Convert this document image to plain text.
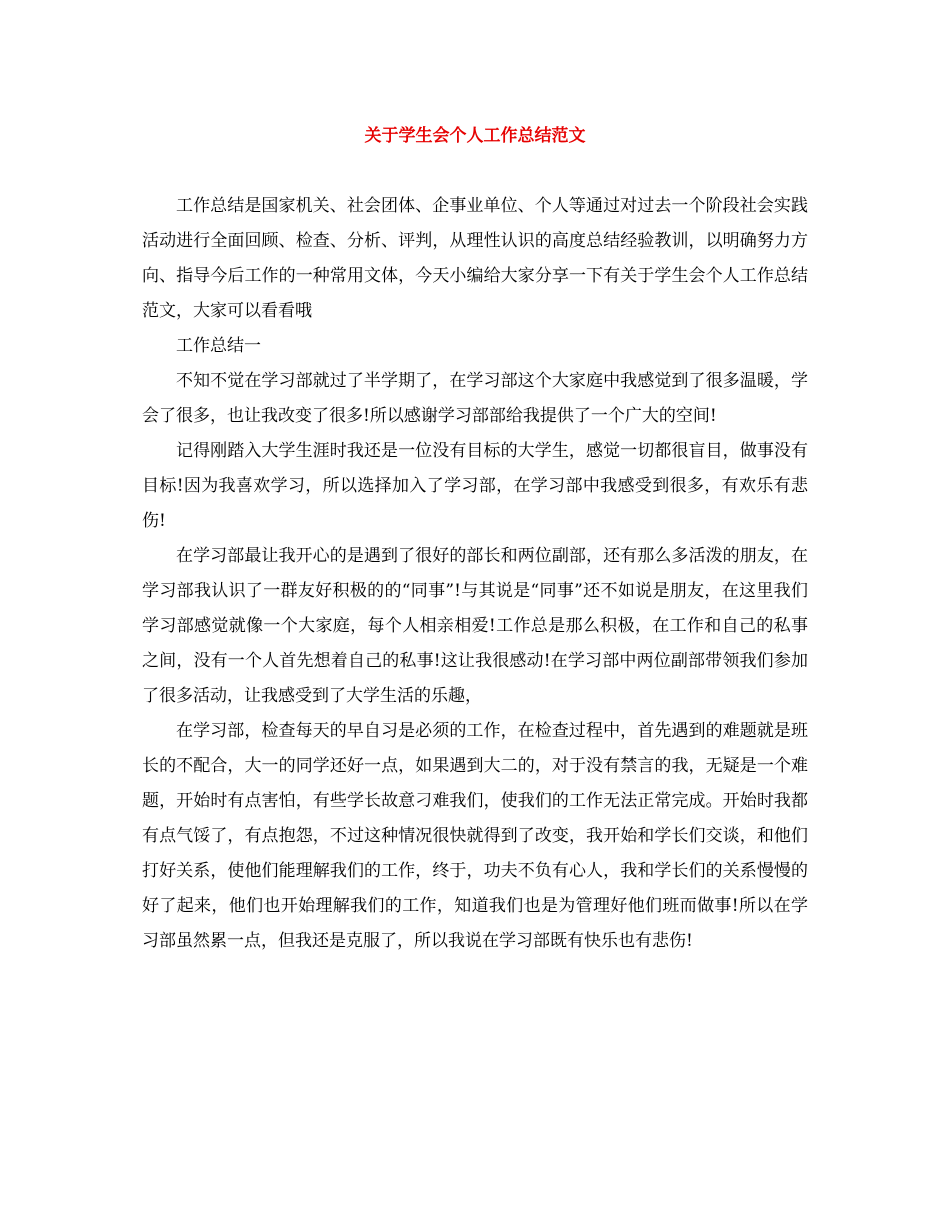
关于学生会个人工作总结范文

工作总结是国家机关、社会团体、企事业单位、个人等通过对过去一个阶段社会实践活动进行全面回顾、检查、分析、评判，从理性认识的高度总结经验教训，以明确努力方向、指导今后工作的一种常用文体，今天小编给大家分享一下有关于学生会个人工作总结范文，大家可以看看哦

工作总结一

不知不觉在学习部就过了半学期了，在学习部这个大家庭中我感觉到了很多温暖，学会了很多，也让我改变了很多!所以感谢学习部部给我提供了一个广大的空间!

记得刚踏入大学生涯时我还是一位没有目标的大学生，感觉一切都很盲目，做事没有目标!因为我喜欢学习，所以选择加入了学习部，在学习部中我感受到很多，有欢乐有悲伤!

在学习部最让我开心的是遇到了很好的部长和两位副部，还有那么多活泼的朋友，在学习部我认识了一群友好积极的的“同事”!与其说是“同事”还不如说是朋友，在这里我们学习部感觉就像一个大家庭，每个人相亲相爱!工作总是那么积极，在工作和自己的私事之间，没有一个人首先想着自己的私事!这让我很感动!在学习部中两位副部带领我们参加了很多活动，让我感受到了大学生活的乐趣，

在学习部，检查每天的早自习是必须的工作，在检查过程中，首先遇到的难题就是班长的不配合，大一的同学还好一点，如果遇到大二的，对于没有禁言的我，无疑是一个难题，开始时有点害怕，有些学长故意刁难我们，使我们的工作无法正常完成。开始时我都有点气馁了，有点抱怨，不过这种情况很快就得到了改变，我开始和学长们交谈，和他们打好关系，使他们能理解我们的工作，终于，功夫不负有心人，我和学长们的关系慢慢的好了起来，他们也开始理解我们的工作，知道我们也是为管理好他们班而做事!所以在学习部虽然累一点，但我还是克服了，所以我说在学习部既有快乐也有悲伤!
